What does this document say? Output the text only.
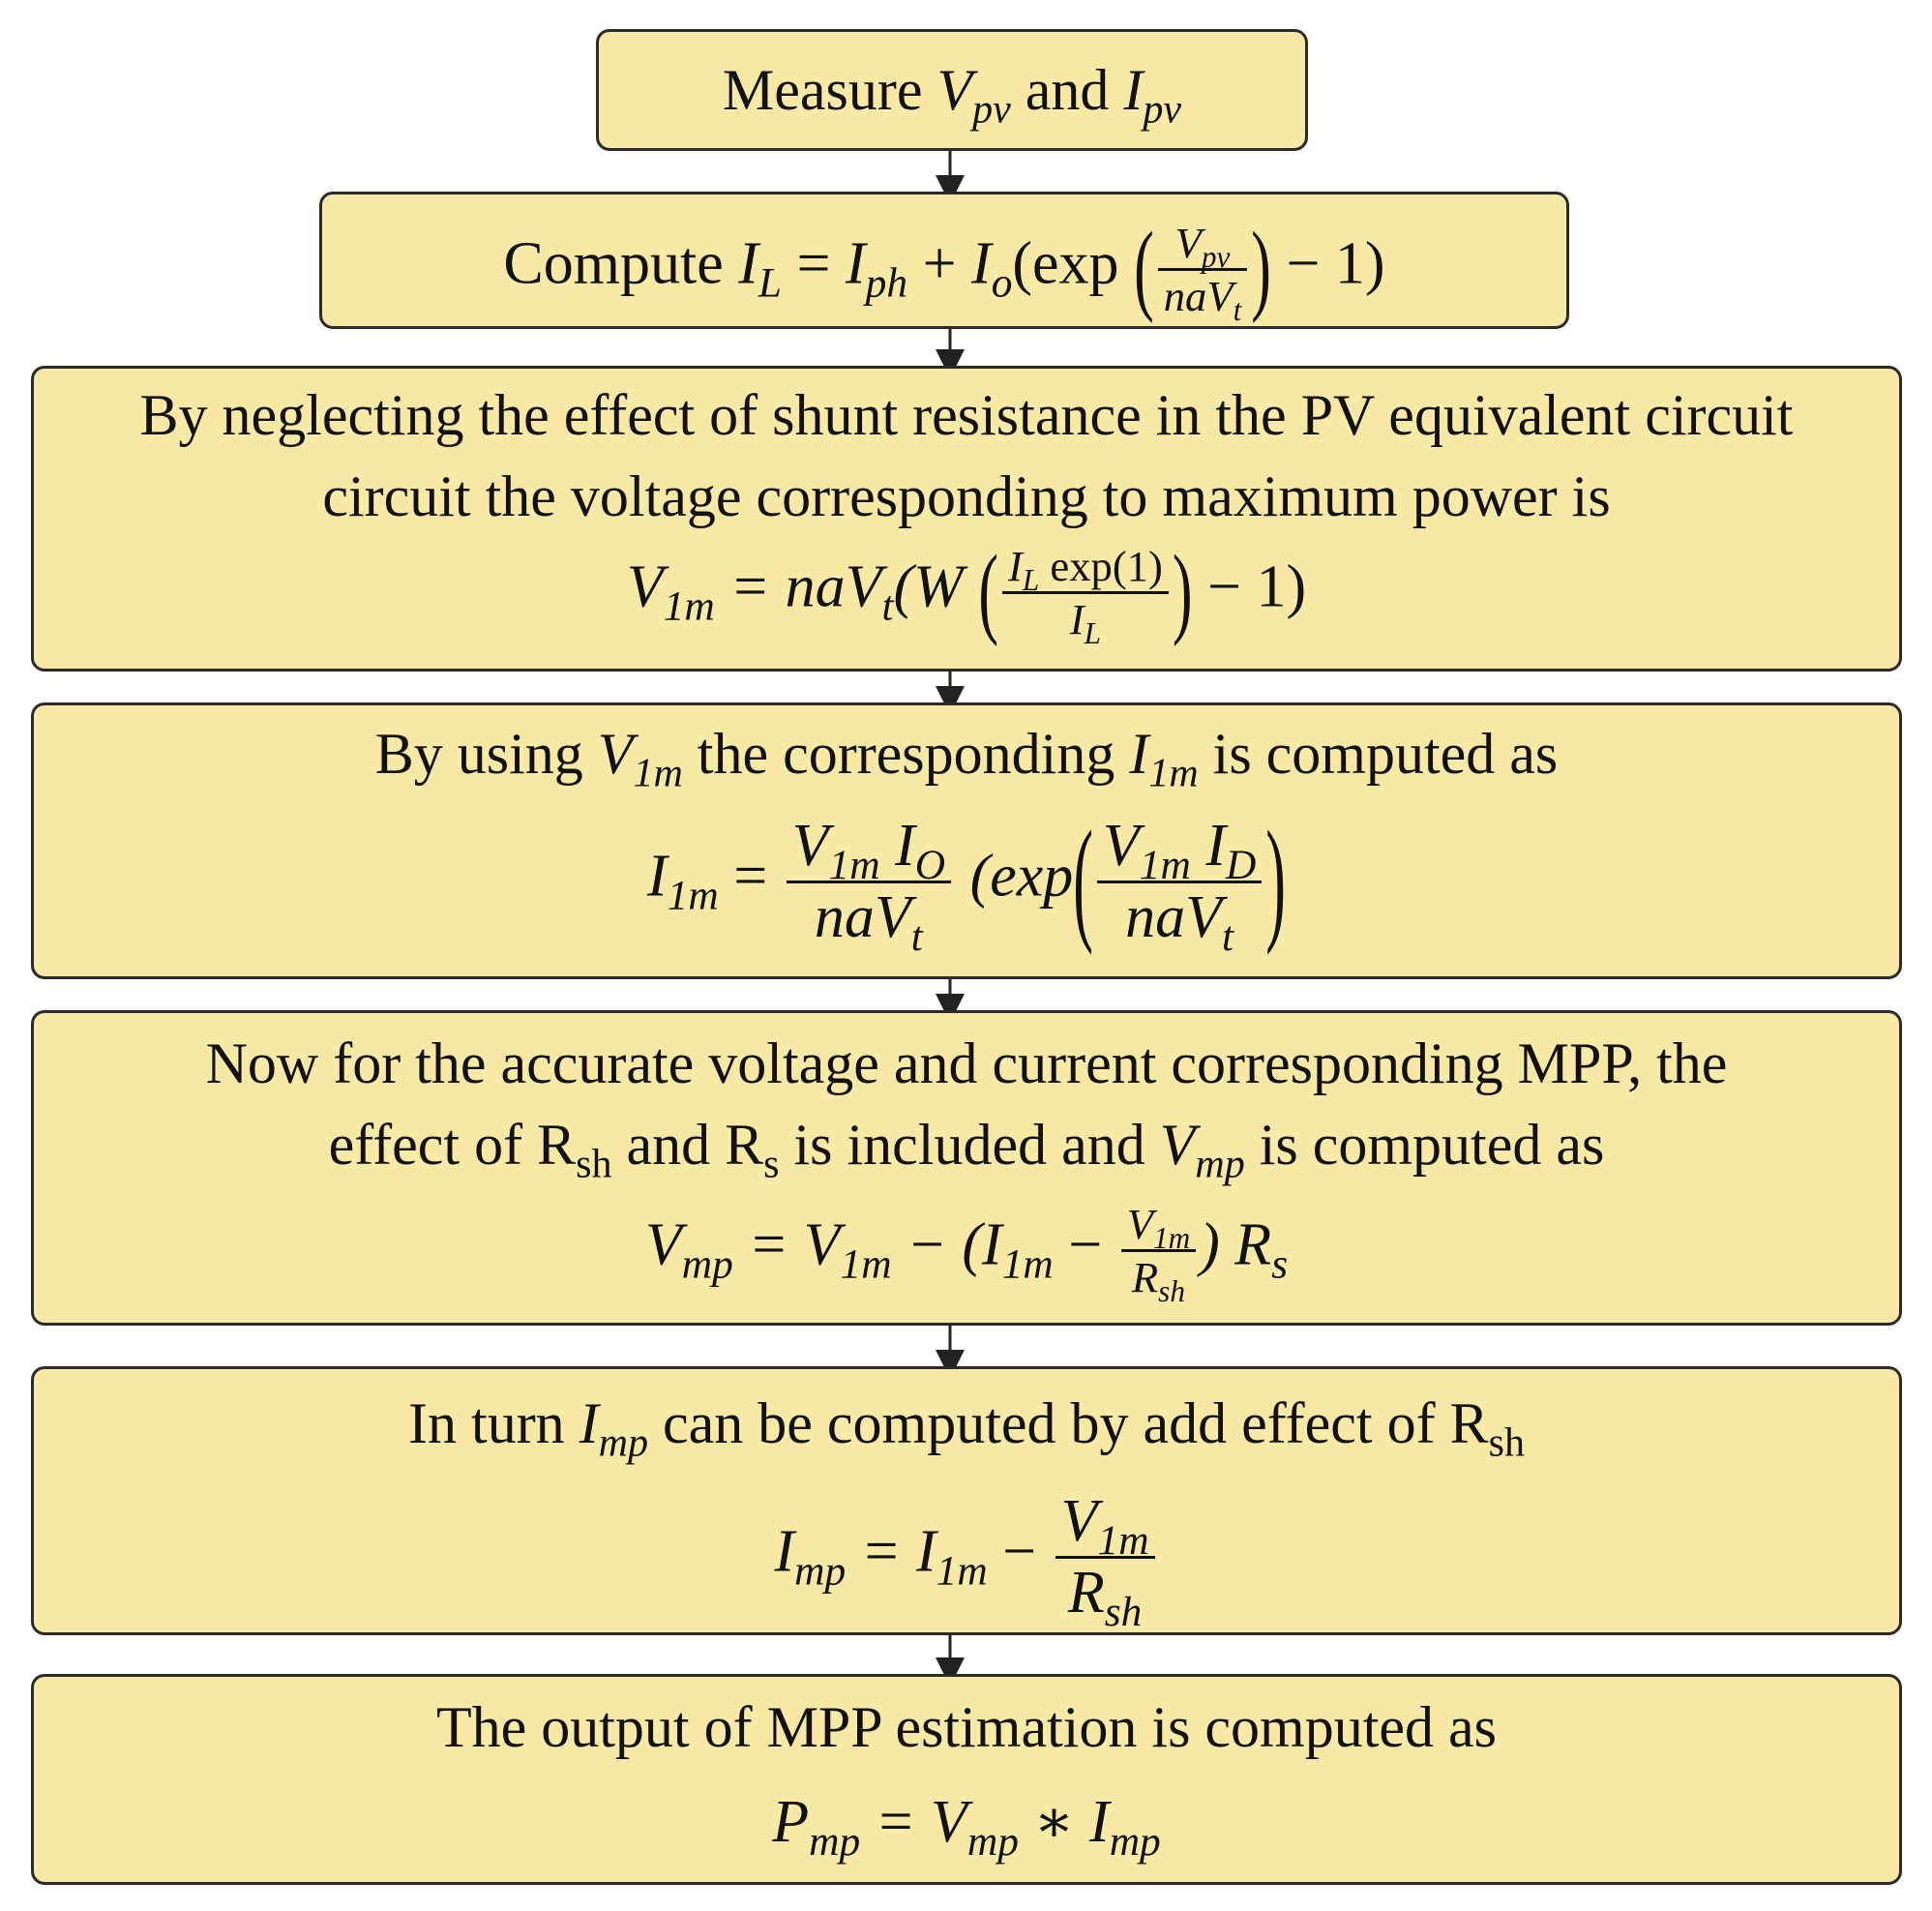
Measure $V_{pv}$ and $I_{pv}$
Compute $I_L = I_{ph} + I_o(\exp$ ( $\frac{V_{pv}}{naV_t}$ ) − 1)
By neglecting the effect of shunt resistance in the PV equivalent circuit
circuit the voltage corresponding to maximum power is
$V_{1m} = naV_t(W$ ( $\frac{I_L \exp(1)}{I_L}$ ) − 1)
By using $V_{1m}$ the corresponding $I_{1m}$ is computed as
$I_{1m} = \frac{V_{1m} I_O}{naV_t} (\exp( \frac{V_{1m} I_D}{naV_t}$ )
Now for the accurate voltage and current corresponding MPP, the
effect of $R_{sh}$ and $R_s$ is included and $V_{mp}$ is computed as
$V_{mp} = V_{1m} - (I_{1m} - \frac{V_{1m}}{R_{sh}}$ ) $R_s$
In turn $I_{mp}$ can be computed by add effect of $R_{sh}$
$I_{mp} = I_{1m} - \frac{V_{1m}}{R_{sh}}$
The output of MPP estimation is computed as
$P_{mp} = V_{mp}$ ∗ $I_{mp}$
